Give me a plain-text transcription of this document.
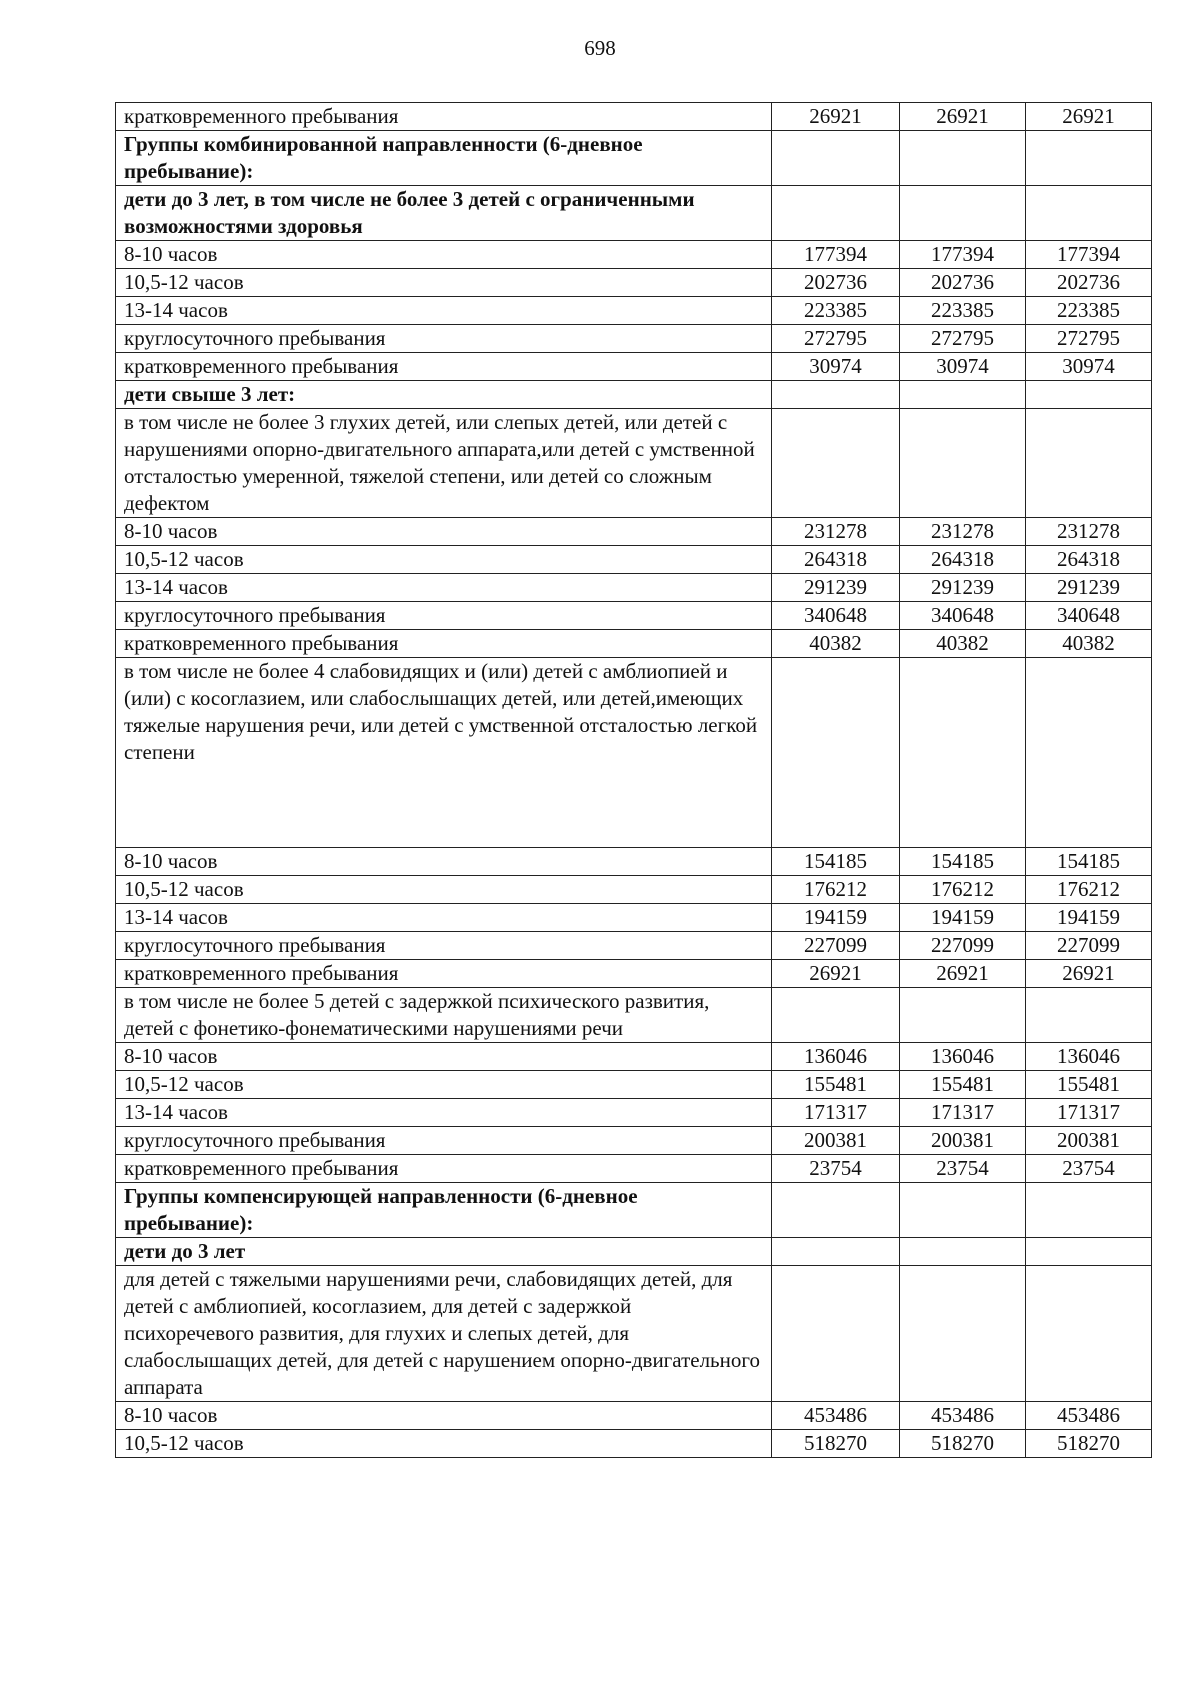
698
кратковременного пребывания	26921	26921	26921
Группы комбинированной направленности (6-дневное пребывание):			
дети до 3 лет, в том числе не более 3 детей с ограниченными возможностями здоровья			
8-10 часов	177394	177394	177394
10,5-12 часов	202736	202736	202736
13-14 часов	223385	223385	223385
круглосуточного пребывания	272795	272795	272795
кратковременного пребывания	30974	30974	30974
дети свыше 3 лет:			
в том числе не более 3 глухих детей, или слепых детей, или детей с нарушениями опорно-двигательного аппарата,или детей с умственной отсталостью умеренной, тяжелой степени, или детей со сложным дефектом			
8-10 часов	231278	231278	231278
10,5-12 часов	264318	264318	264318
13-14 часов	291239	291239	291239
круглосуточного пребывания	340648	340648	340648
кратковременного пребывания	40382	40382	40382
в том числе не более 4 слабовидящих и (или) детей с амблиопией и (или) с косоглазием, или слабослышащих детей, или детей,имеющих тяжелые нарушения речи, или детей с умственной отсталостью легкой степени			
8-10 часов	154185	154185	154185
10,5-12 часов	176212	176212	176212
13-14 часов	194159	194159	194159
круглосуточного пребывания	227099	227099	227099
кратковременного пребывания	26921	26921	26921
в том числе не более 5 детей с задержкой психического развития, детей с фонетико-фонематическими нарушениями речи			
8-10 часов	136046	136046	136046
10,5-12 часов	155481	155481	155481
13-14 часов	171317	171317	171317
круглосуточного пребывания	200381	200381	200381
кратковременного пребывания	23754	23754	23754
Группы компенсирующей направленности (6-дневное пребывание):			
дети до 3 лет			
для детей с тяжелыми нарушениями речи, слабовидящих детей, для детей с амблиопией, косоглазием, для детей с задержкой психоречевого развития, для глухих и слепых детей, для слабослышащих детей, для детей с нарушением опорно-двигательного аппарата			
8-10 часов	453486	453486	453486
10,5-12 часов	518270	518270	518270
